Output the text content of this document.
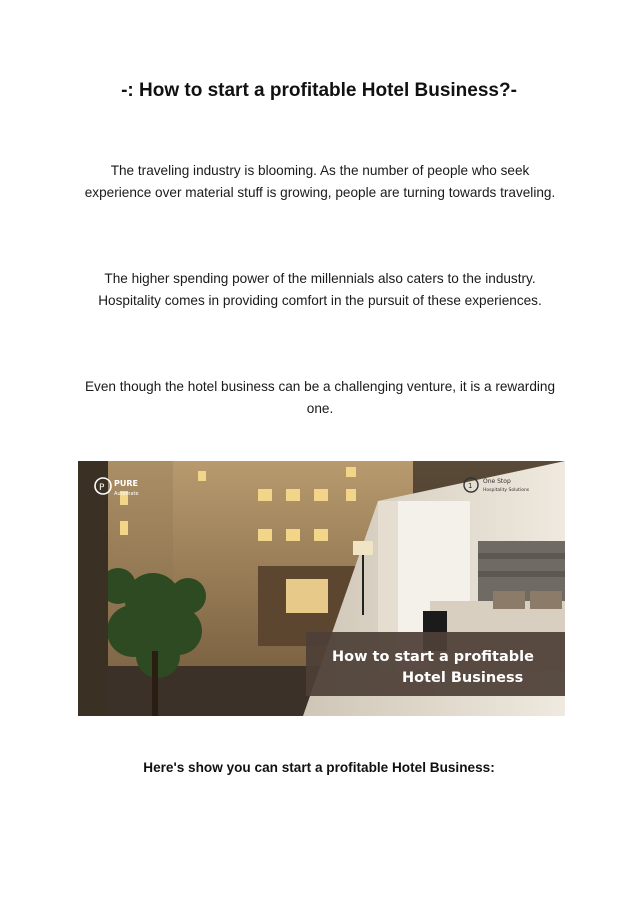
-: How to start a profitable Hotel Business?-
The traveling industry is blooming. As the number of people who seek experience over material stuff is growing, people are turning towards traveling.
The higher spending power of the millennials also caters to the industry. Hospitality comes in providing comfort in the pursuit of these experiences.
Even though the hotel business can be a challenging venture, it is a rewarding one.
How to start a profitable
Hotel Business
P PURE
Automate
1
One Stop
Hospitality Solutions
Here's show you can start a profitable Hotel Business:
